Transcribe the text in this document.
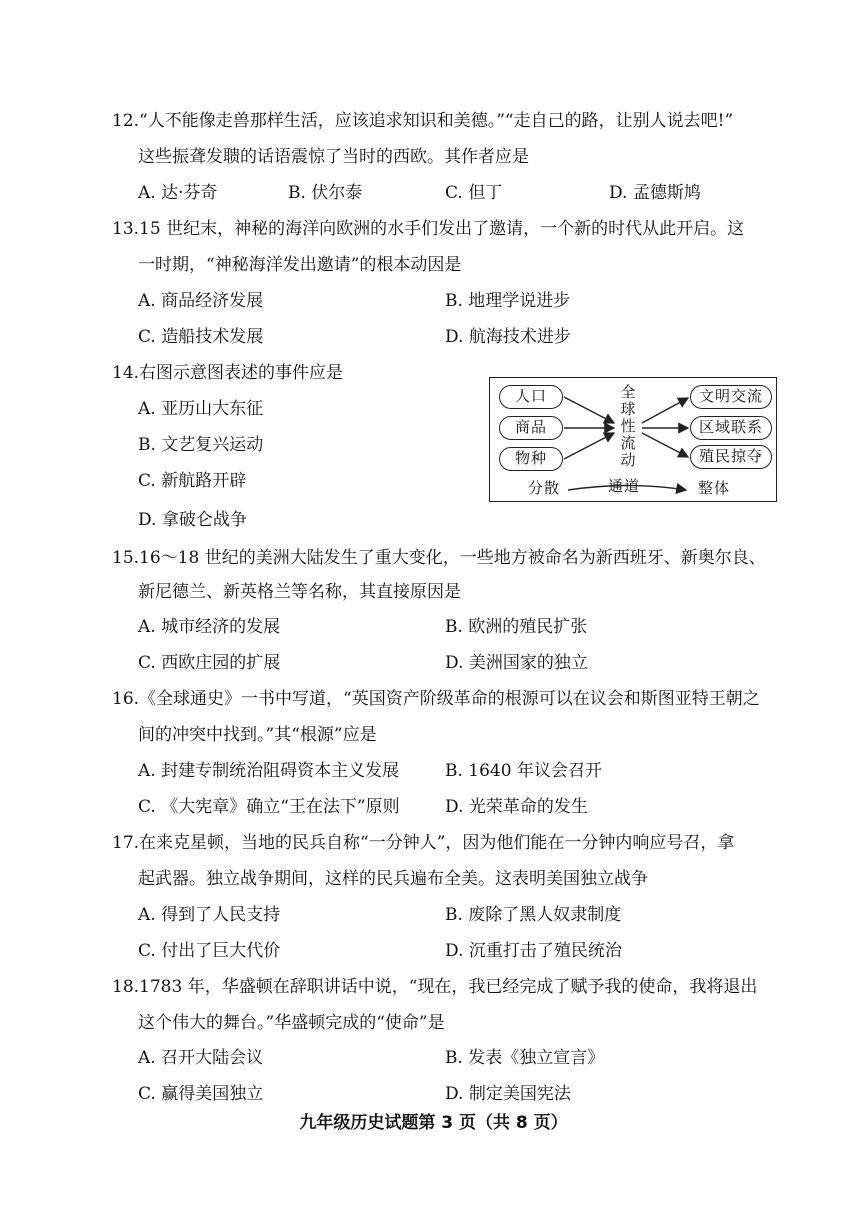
12.“人不能像走兽那样生活，应该追求知识和美德。”“走自己的路，让别人说去吧!”
这些振聋发聩的话语震惊了当时的西欧。其作者应是
A. 达·芬奇	B. 伏尔泰	C. 但丁	D. 孟德斯鸠
13.15 世纪末，神秘的海洋向欧洲的水手们发出了邀请，一个新的时代从此开启。这
一时期，“神秘海洋发出邀请”的根本动因是
A. 商品经济发展	B. 地理学说进步
C. 造船技术发展	D. 航海技术进步
14.右图示意图表述的事件应是
A. 亚历山大东征
B. 文艺复兴运动
C. 新航路开辟
D. 拿破仑战争
人口
商品
物种
全
球
性
流
动
文明交流
区域联系
殖民掠夺
分散	通道	整体
15.16～18 世纪的美洲大陆发生了重大变化，一些地方被命名为新西班牙、新奥尔良、
新尼德兰、新英格兰等名称，其直接原因是
A. 城市经济的发展	B. 欧洲的殖民扩张
C. 西欧庄园的扩展	D. 美洲国家的独立
16.《全球通史》一书中写道，“英国资产阶级革命的根源可以在议会和斯图亚特王朝之
间的冲突中找到。”其“根源”应是
A. 封建专制统治阻碍资本主义发展	B. 1640 年议会召开
C. 《大宪章》确立“王在法下”原则	D. 光荣革命的发生
17.在来克星顿，当地的民兵自称“一分钟人”，因为他们能在一分钟内响应号召，拿
起武器。独立战争期间，这样的民兵遍布全美。这表明美国独立战争
A. 得到了人民支持	B. 废除了黑人奴隶制度
C. 付出了巨大代价	D. 沉重打击了殖民统治
18.1783 年，华盛顿在辞职讲话中说，“现在，我已经完成了赋予我的使命，我将退出
这个伟大的舞台。”华盛顿完成的“使命”是
A. 召开大陆会议	B. 发表《独立宣言》
C. 赢得美国独立	D. 制定美国宪法
九年级历史试题第 3 页（共 8 页）
